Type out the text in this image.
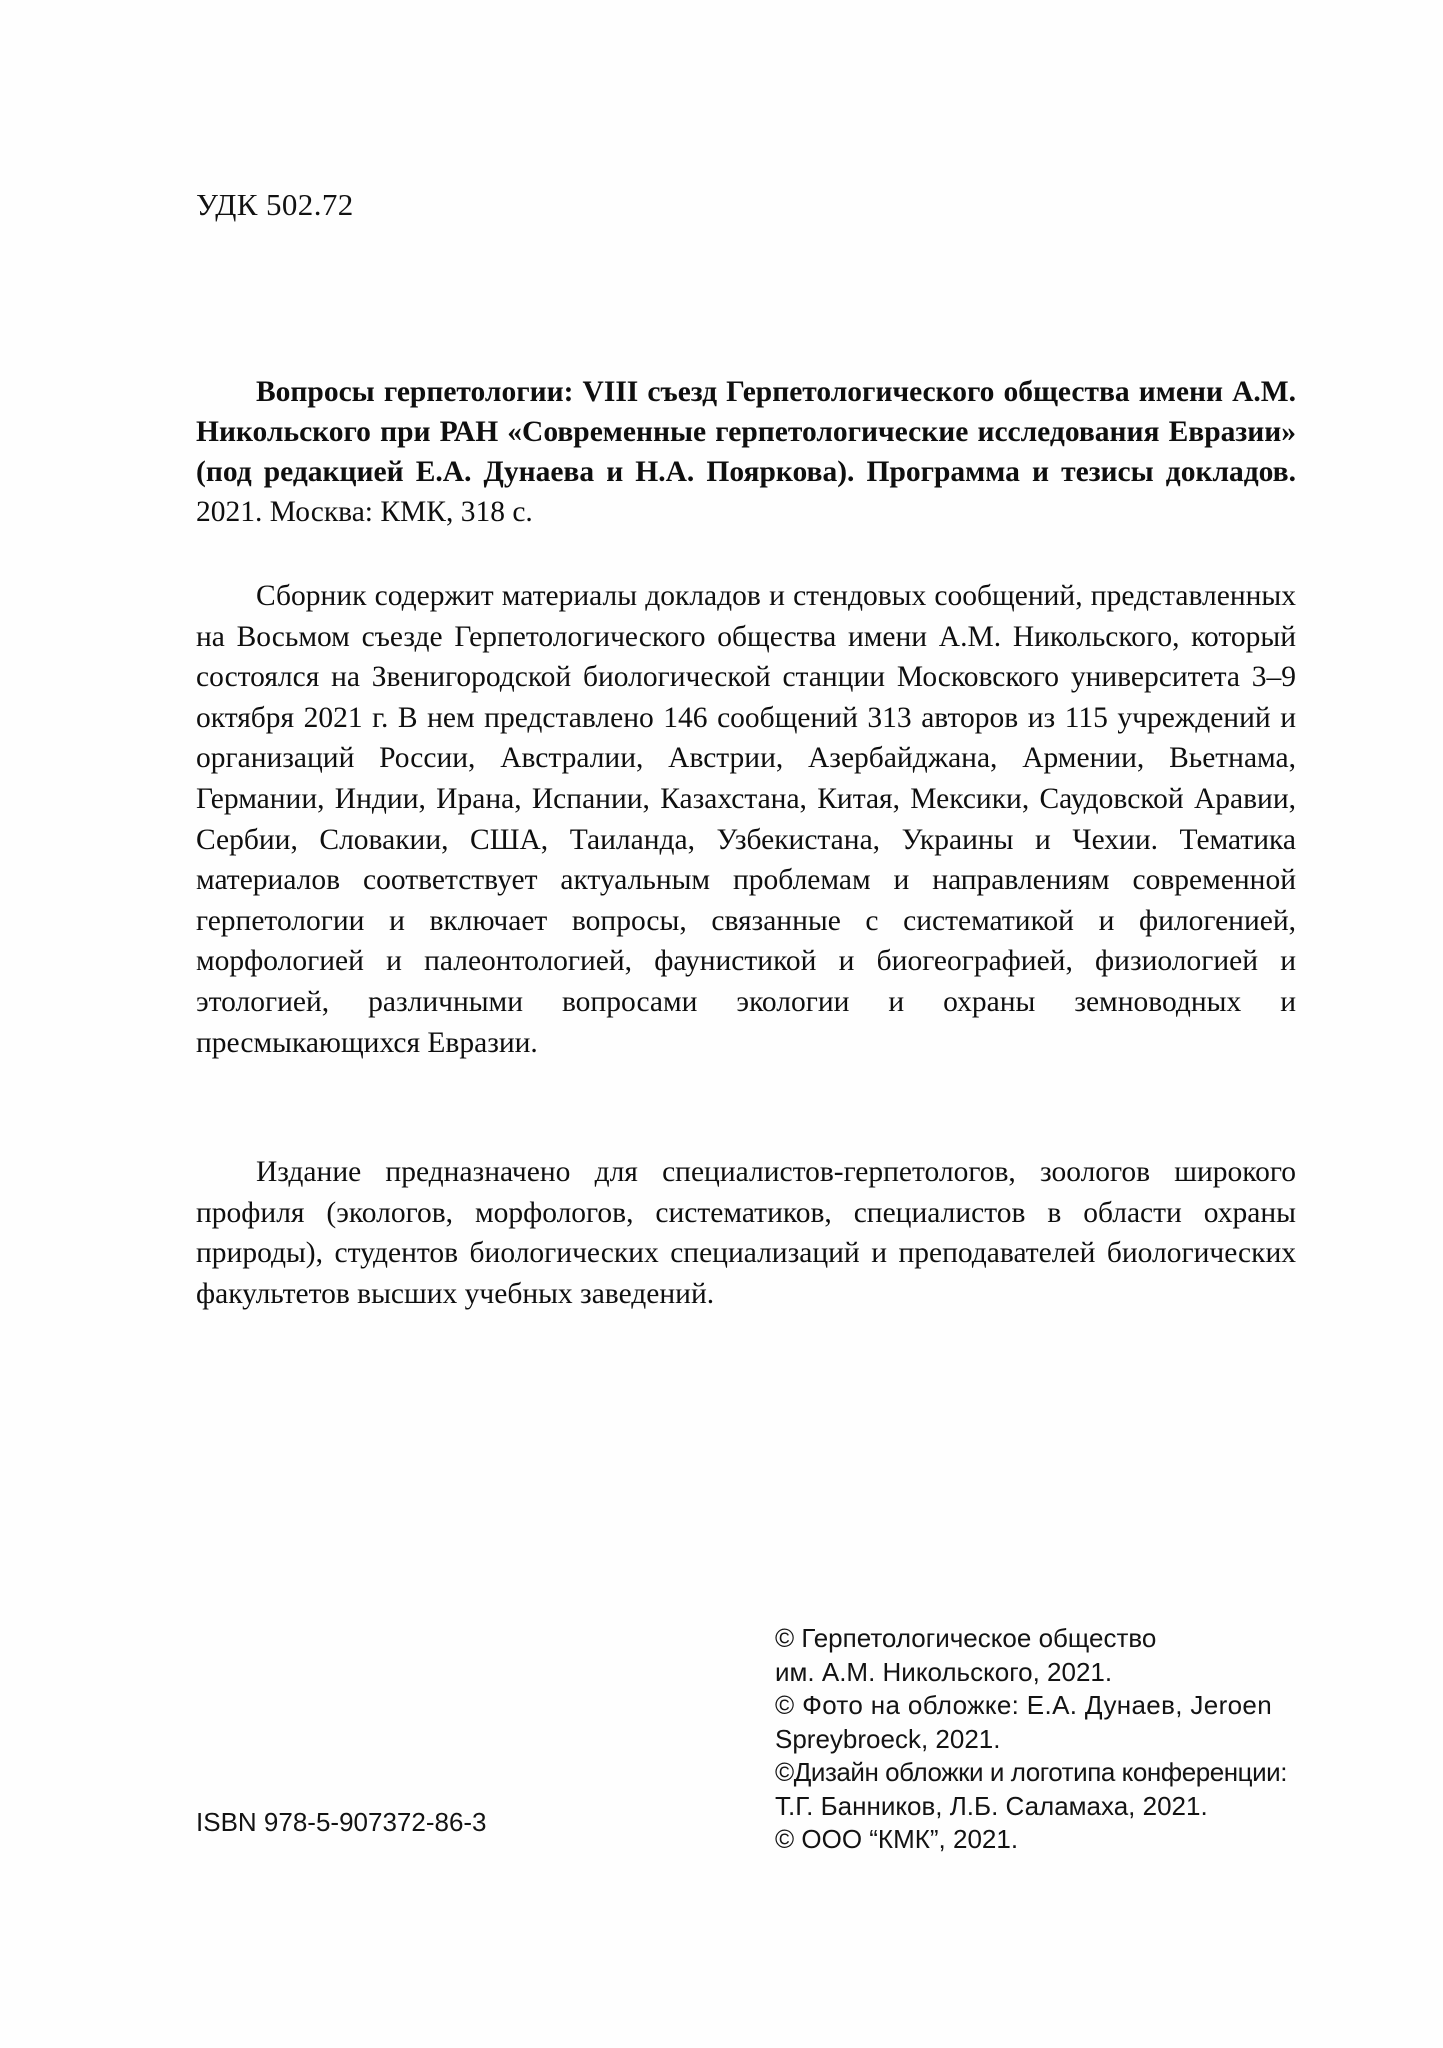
УДК 502.72
Вопросы герпетологии: VIII съезд Герпетологического общества имени А.М. Никольского при РАН «Современные герпетологические исследования Евразии» (под редакцией Е.А. Дунаева и Н.А. Пояркова). Программа и тезисы докладов. 2021. Москва: КМК, 318 с.

Сборник содержит материалы докладов и стендовых сообщений, представленных на Восьмом съезде Герпетологического общества имени А.М. Никольского, который состоялся на Звенигородской биологической станции Московского университета 3–9 октября 2021 г. В нем представлено 146 сообщений 313 авторов из 115 учреждений и организаций России, Австралии, Австрии, Азербайджана, Армении, Вьетнама, Германии, Индии, Ирана, Испании, Казахстана, Китая, Мексики, Саудовской Аравии, Сербии, Словакии, США, Таиланда, Узбекистана, Украины и Чехии. Тематика материалов соответствует актуальным проблемам и направлениям современной герпетологии и включает вопросы, связанные с систематикой и филогенией, морфологией и палеонтологией, фаунистикой и биогеографией, физиологией и этологией, различными вопросами экологии и охраны земноводных и пресмыкающихся Евразии.

Издание предназначено для специалистов-герпетологов, зоологов широкого профиля (экологов, морфологов, систематиков, специалистов в области охраны природы), студентов биологических специализаций и преподавателей биологических факультетов высших учебных заведений.

© Герпетологическое общество
им. А.М. Никольского, 2021.
© Фото на обложке: Е.А. Дунаев, Jeroen
Spreybroeck, 2021.
©Дизайн обложки и логотипа конференции:
Т.Г. Банников, Л.Б. Саламаха, 2021.
© ООО “КМК”, 2021.
ISBN 978-5-907372-86-3
